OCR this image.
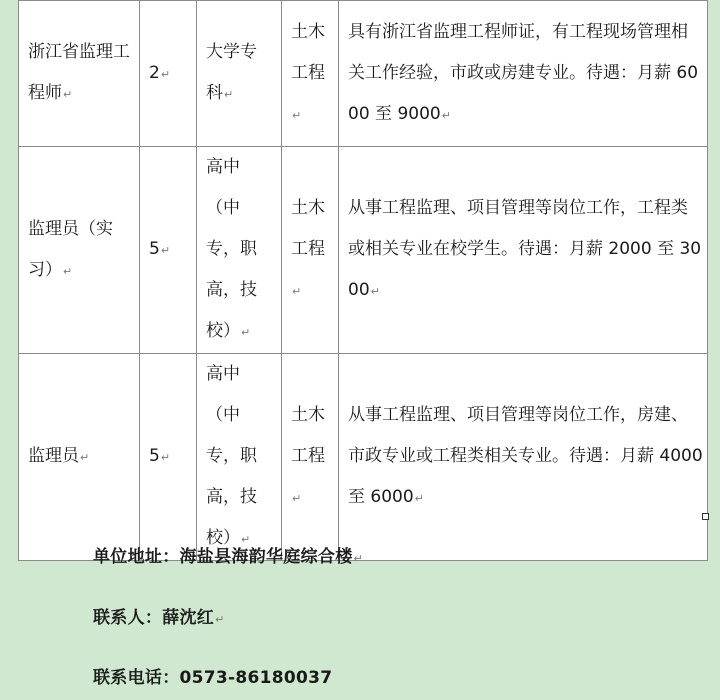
浙江省监理工程师↵	2↵	大学专科↵	土木工程↵	具有浙江省监理工程师证，有工程现场管理相关工作经验，市政或房建专业。待遇：月薪 6000 至 9000↵
监理员（实习）↵	5↵	高中（中专，职高，技校）↵	土木工程↵	从事工程监理、项目管理等岗位工作，工程类或相关专业在校学生。待遇：月薪 2000 至 3000↵
监理员↵	5↵	高中（中专，职高，技校）↵	土木工程↵	从事工程监理、项目管理等岗位工作，房建、市政专业或工程类相关专业。待遇：月薪 4000 至 6000↵
单位地址：海盐县海韵华庭综合楼↵
联系人：薛沈红↵
联系电话：0573-86180037
